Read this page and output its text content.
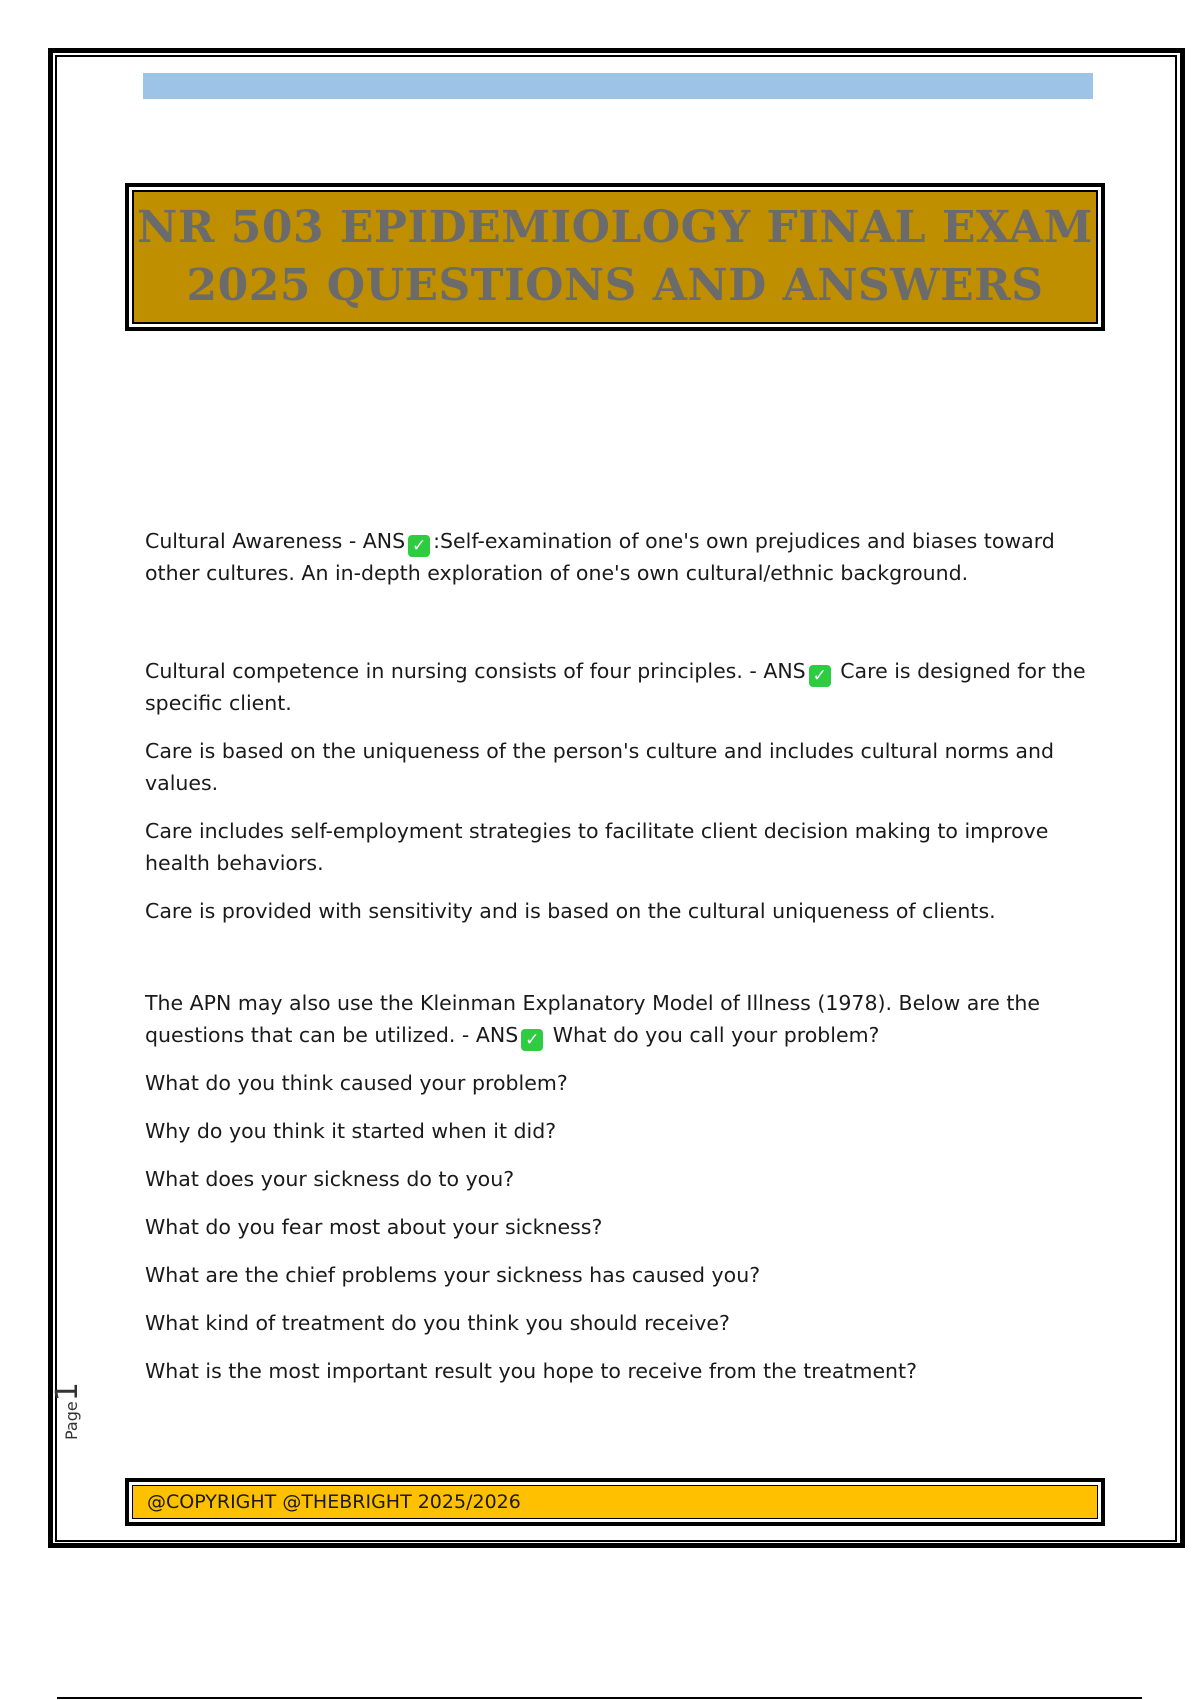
NR 503 EPIDEMIOLOGY FINAL EXAM
2025 QUESTIONS AND ANSWERS

Cultural Awareness - ANS ✓ :Self-examination of one's own prejudices and biases toward other cultures. An in-depth exploration of one's own cultural/ethnic background.

Cultural competence in nursing consists of four principles. - ANS ✓ Care is designed for the specific client.

Care is based on the uniqueness of the person's culture and includes cultural norms and values.

Care includes self-employment strategies to facilitate client decision making to improve health behaviors.

Care is provided with sensitivity and is based on the cultural uniqueness of clients.

The APN may also use the Kleinman Explanatory Model of Illness (1978). Below are the questions that can be utilized. - ANS ✓ What do you call your problem?

What do you think caused your problem?

Why do you think it started when it did?

What does your sickness do to you?

What do you fear most about your sickness?

What are the chief problems your sickness has caused you?

What kind of treatment do you think you should receive?

What is the most important result you hope to receive from the treatment?

Page1
@COPYRIGHT @THEBRIGHT 2025/2026
